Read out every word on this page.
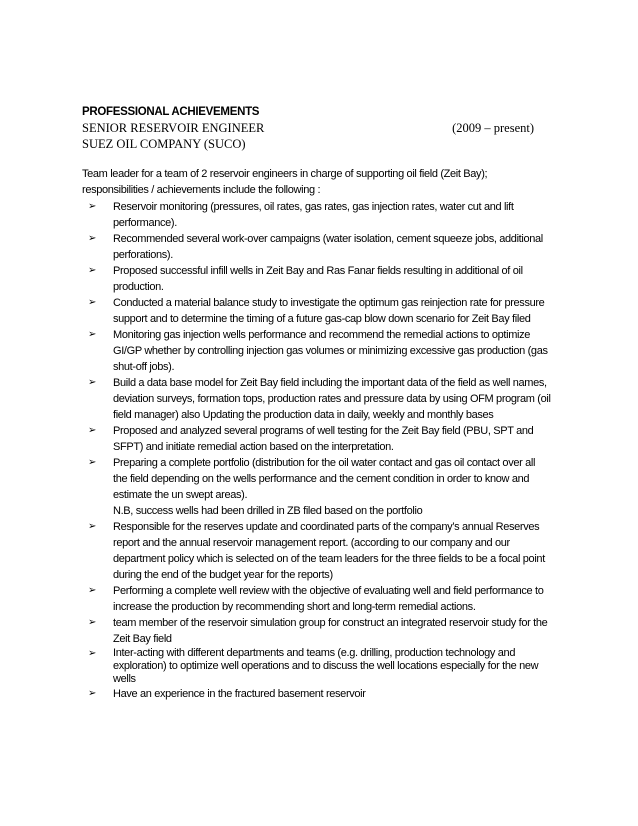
PROFESSIONAL ACHIEVEMENTS
SENIOR RESERVOIR ENGINEER	(2009 – present)
SUEZ OIL COMPANY (SUCO)
Team leader for a team of 2 reservoir engineers in charge of supporting oil field (Zeit Bay); responsibilities / achievements include the following :
➢ Reservoir monitoring (pressures, oil rates, gas rates, gas injection rates, water cut and lift performance).
➢ Recommended several work-over campaigns (water isolation, cement squeeze jobs, additional perforations).
➢ Proposed successful infill wells in Zeit Bay and Ras Fanar fields resulting in additional of oil production.
➢ Conducted a material balance study to investigate the optimum gas reinjection rate for pressure support and to determine the timing of a future gas-cap blow down scenario for Zeit Bay filed
➢ Monitoring gas injection wells performance and recommend the remedial actions to optimize GI/GP whether by controlling injection gas volumes or minimizing excessive gas production (gas shut-off jobs).
➢ Build a data base model for Zeit Bay field including the important data of the field as well names, deviation surveys, formation tops, production rates and pressure data by using OFM program (oil field manager) also Updating the production data in daily, weekly and monthly bases
➢ Proposed and analyzed several programs of well testing for the Zeit Bay field (PBU, SPT and SFPT) and initiate remedial action based on the interpretation.
➢ Preparing a complete portfolio (distribution for the oil water contact and gas oil contact over all the field depending on the wells performance and the cement condition in order to know and estimate the un swept areas).
N.B, success wells had been drilled in ZB filed based on the portfolio
➢ Responsible for the reserves update and coordinated parts of the company’s annual Reserves report and the annual reservoir management report. (according to our company and our department policy which is selected on of the team leaders for the three fields to be a focal point during the end of the budget year for the reports)
➢ Performing a complete well review with the objective of evaluating well and field performance to increase the production by recommending short and long-term remedial actions.
➢ team member of the reservoir simulation group for construct an integrated reservoir study for the Zeit Bay field
➢ Inter-acting with different departments and teams (e.g. drilling, production technology and exploration) to optimize well operations and to discuss the well locations especially for the new wells
➢ Have an experience in the fractured basement reservoir
